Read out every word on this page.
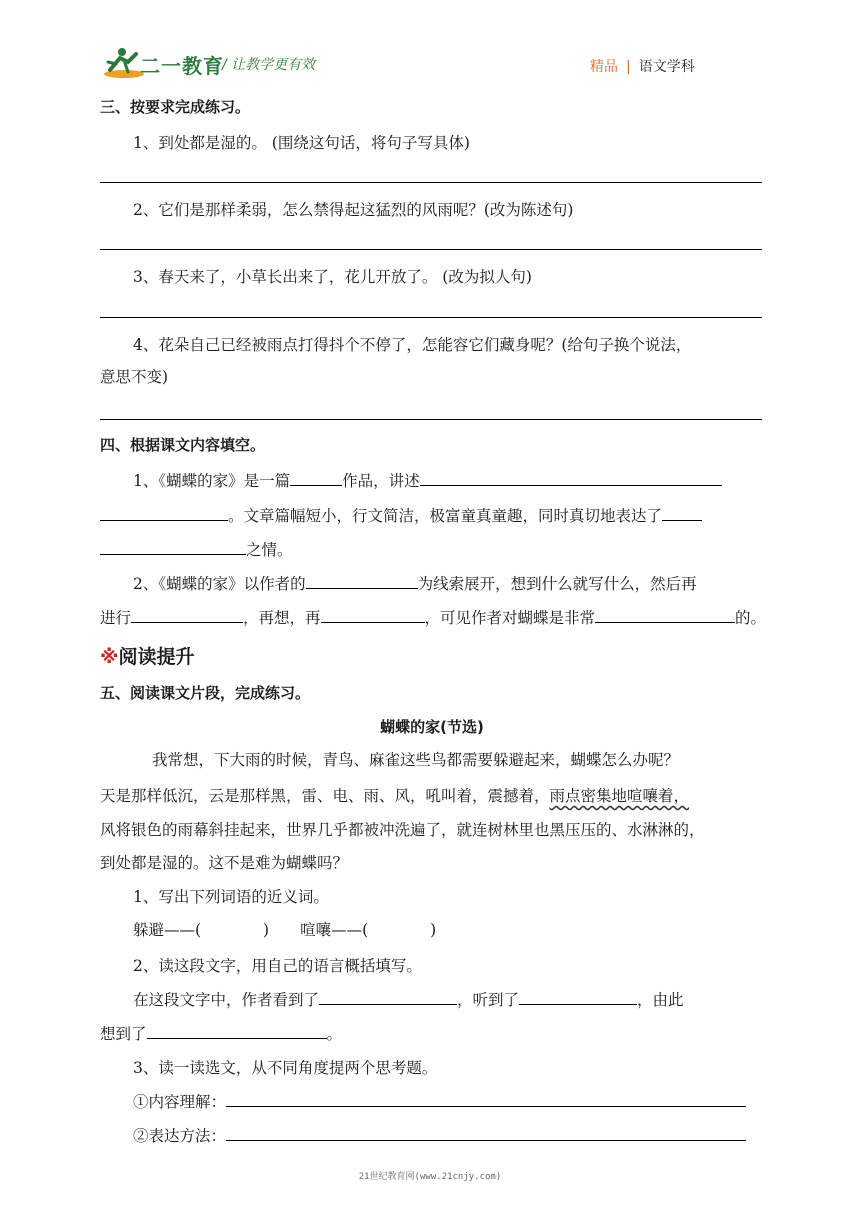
二一教育
/ 让教学更有效	精品 | 语文学科
三、按要求完成练习。
1、到处都是湿的。 (围绕这句话，将句子写具体)
2、它们是那样柔弱，怎么禁得起这猛烈的风雨呢？(改为陈述句)
3、春天来了，小草长出来了，花儿开放了。 (改为拟人句)
4、花朵自己已经被雨点打得抖个不停了，怎能容它们藏身呢？(给句子换个说法，
意思不变)
四、根据课文内容填空。
1、《蝴蝶的家》是一篇	作品，讲述
。文章篇幅短小，行文简洁，极富童真童趣，同时真切地表达了
之情。
2、《蝴蝶的家》以作者的	为线索展开，想到什么就写什么，然后再
进行	，再想，再	，可见作者对蝴蝶是非常	的。
※阅读提升
五、阅读课文片段，完成练习。
蝴蝶的家(节选)
我常想，下大雨的时候，青鸟、麻雀这些鸟都需要躲避起来，蝴蝶怎么办呢？
天是那样低沉，云是那样黑，雷、电、雨、风，吼叫着，震撼着，雨点密集地喧嚷着，
风将银色的雨幕斜挂起来，世界几乎都被冲洗遍了，就连树林里也黑压压的、水淋淋的，
到处都是湿的。这不是难为蝴蝶吗？
1、写出下列词语的近义词。
躲避——(　　　　)　　喧嚷——(　　　　)
2、读这段文字，用自己的语言概括填写。
在这段文字中，作者看到了	，听到了	，由此
想到了	。
3、读一读选文，从不同角度提两个思考题。
①内容理解：
②表达方法：
21世纪教育网(www.21cnjy.com)
